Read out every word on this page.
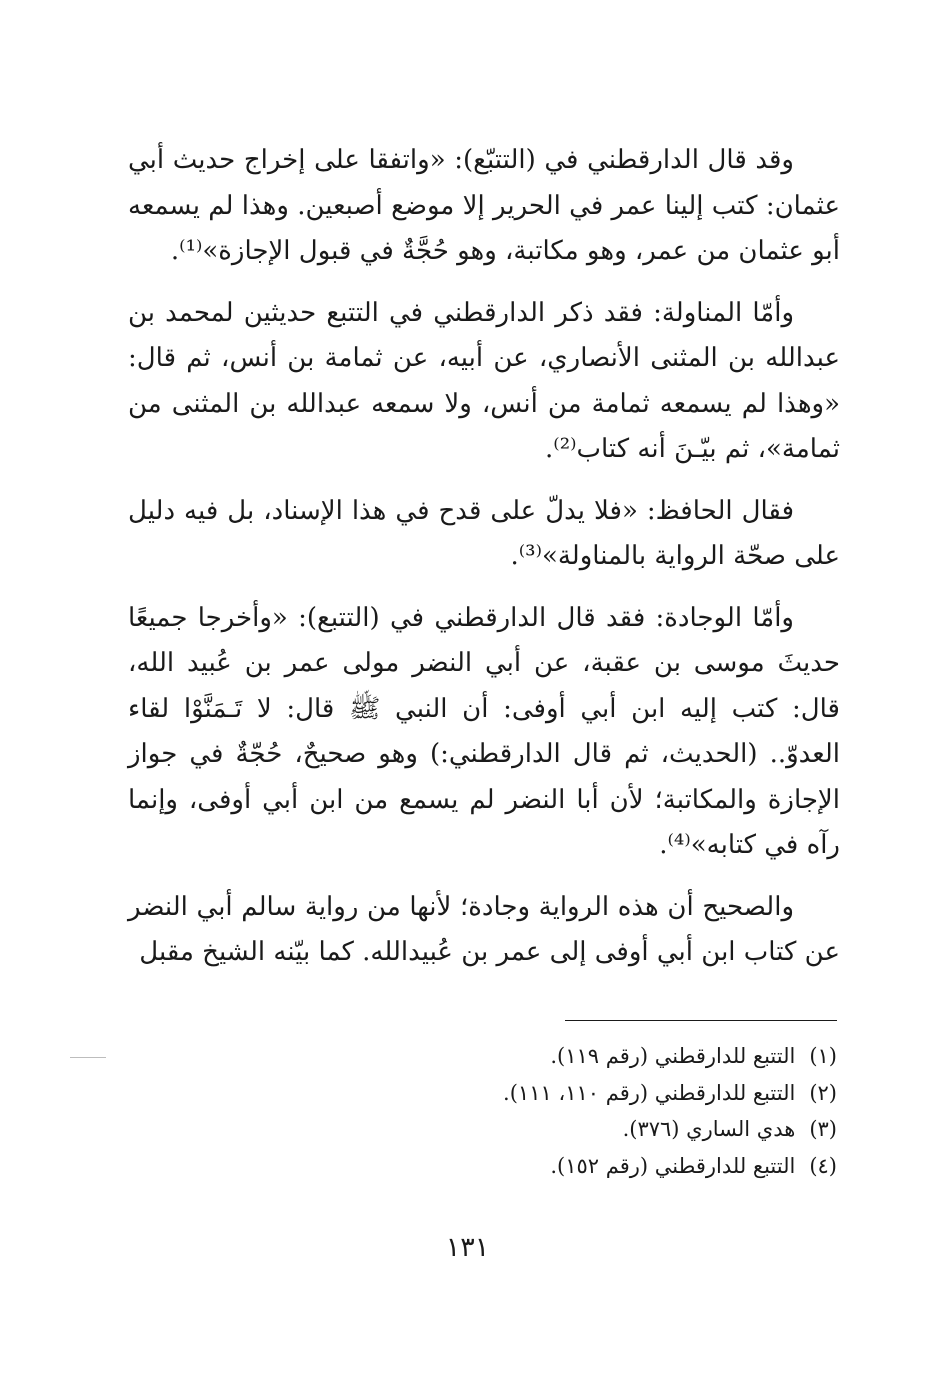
وقد قال الدارقطني في (التتبّع): «واتفقا على إخراج حديث أبي عثمان: كتب إلينا عمر في الحرير إلا موضع أصبعين. وهذا لم يسمعه أبو عثمان من عمر، وهو مكاتبة، وهو حُجَّةٌ في قبول الإجازة»⁽¹⁾.

وأمّا المناولة: فقد ذكر الدارقطني في التتبع حديثين لمحمد بن عبدالله بن المثنى الأنصاري، عن أبيه، عن ثمامة بن أنس، ثم قال: «وهذا لم يسمعه ثمامة من أنس، ولا سمعه عبدالله بن المثنى من ثمامة»، ثم بيّـنَ أنه كتاب⁽²⁾.

فقال الحافظ: «فلا يدلّ على قدح في هذا الإسناد، بل فيه دليل على صحّة الرواية بالمناولة»⁽³⁾.

وأمّا الوجادة: فقد قال الدارقطني في (التتبع): «وأخرجا جميعًا حديثَ موسى بن عقبة، عن أبي النضر مولى عمر بن عُبيد الله، قال: كتب إليه ابن أبي أوفى: أن النبي ﷺ قال: لا تَـمَنَّوْا لقاء العدوّ.. (الحديث، ثم قال الدارقطني:) وهو صحيحٌ، حُجّةٌ في جواز الإجازة والمكاتبة؛ لأن أبا النضر لم يسمع من ابن أبي أوفى، وإنما رآه في كتابه»⁽⁴⁾.

والصحيح أن هذه الرواية وجادة؛ لأنها من رواية سالم أبي النضر عن كتاب ابن أبي أوفى إلى عمر بن عُبيدالله. كما بيّنه الشيخ مقبل

(١)التتبع للدارقطني (رقم ١١٩).
(٢)التتبع للدارقطني (رقم ١١٠، ١١١).
(٣)هدي الساري (٣٧٦).
(٤)التتبع للدارقطني (رقم ١٥٢).
١٣١
